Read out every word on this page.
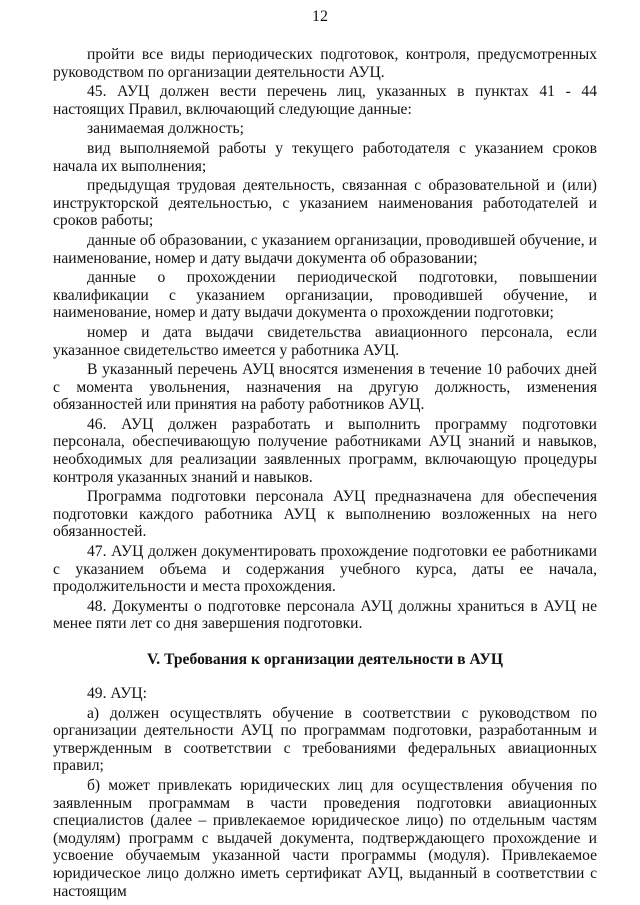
12

пройти все виды периодических подготовок, контроля, предусмотренных руководством по организации деятельности АУЦ.

45. АУЦ должен вести перечень лиц, указанных в пунктах 41 - 44 настоящих Правил, включающий следующие данные:

занимаемая должность;

вид выполняемой работы у текущего работодателя с указанием сроков начала их выполнения;

предыдущая трудовая деятельность, связанная с образовательной и (или) инструкторской деятельностью, с указанием наименования работодателей и сроков работы;

данные об образовании, с указанием организации, проводившей обучение, и наименование, номер и дату выдачи документа об образовании;

данные о прохождении периодической подготовки, повышении квалификации с указанием организации, проводившей обучение, и наименование, номер и дату выдачи документа о прохождении подготовки;

номер и дата выдачи свидетельства авиационного персонала, если указанное свидетельство имеется у работника АУЦ.

В указанный перечень АУЦ вносятся изменения в течение 10 рабочих дней с момента увольнения, назначения на другую должность, изменения обязанностей или принятия на работу работников АУЦ.

46. АУЦ должен разработать и выполнить программу подготовки персонала, обеспечивающую получение работниками АУЦ знаний и навыков, необходимых для реализации заявленных программ, включающую процедуры контроля указанных знаний и навыков.

Программа подготовки персонала АУЦ предназначена для обеспечения подготовки каждого работника АУЦ к выполнению возложенных на него обязанностей.

47. АУЦ должен документировать прохождение подготовки ее работниками с указанием объема и содержания учебного курса, даты ее начала, продолжительности и места прохождения.

48. Документы о подготовке персонала АУЦ должны храниться в АУЦ не менее пяти лет со дня завершения подготовки.

V. Требования к организации деятельности в АУЦ

49. АУЦ:

а) должен осуществлять обучение в соответствии с руководством по организации деятельности АУЦ по программам подготовки, разработанным и утвержденным в соответствии с требованиями федеральных авиационных правил;

б) может привлекать юридических лиц для осуществления обучения по заявленным программам в части проведения подготовки авиационных специалистов (далее – привлекаемое юридическое лицо) по отдельным частям (модулям) программ с выдачей документа, подтверждающего прохождение и усвоение обучаемым указанной части программы (модуля). Привлекаемое юридическое лицо должно иметь сертификат АУЦ, выданный в соответствии с настоящим
